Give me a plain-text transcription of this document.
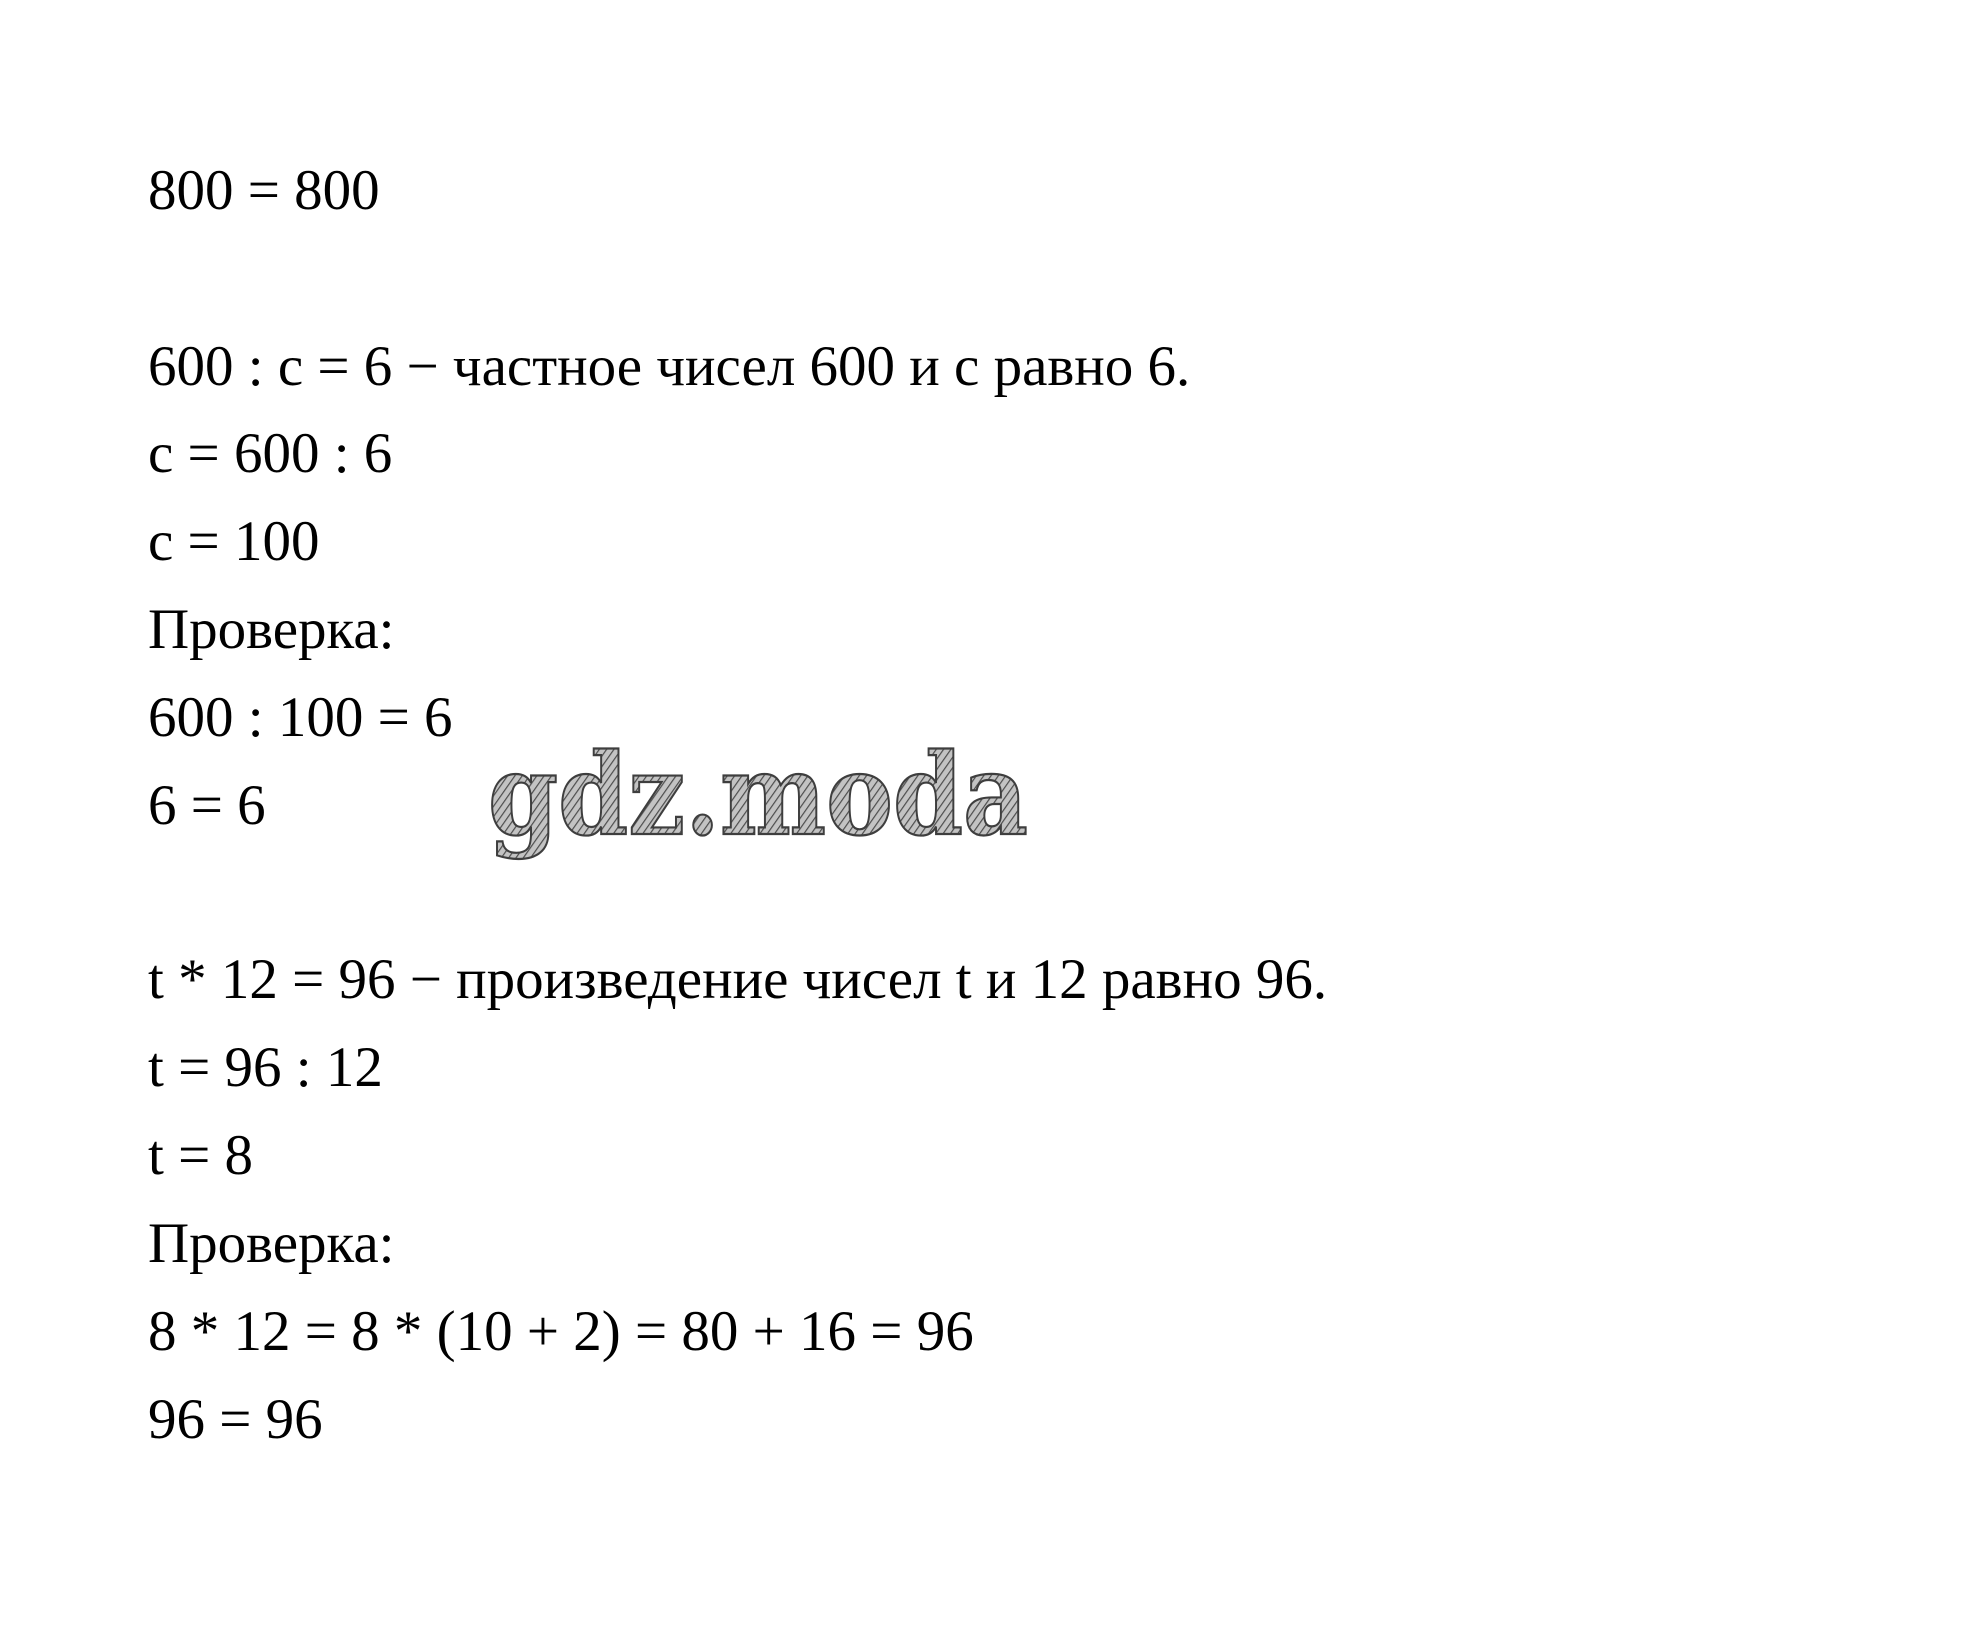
800 = 800

600 : c = 6 − частное чисел 600 и c равно 6.

c = 600 : 6

c = 100

Проверка:

600 : 100 = 6

6 = 6

t * 12 = 96 − произведение чисел t и 12 равно 96.

t = 96 : 12

t = 8

Проверка:

8 * 12 = 8 * (10 + 2) = 80 + 16 = 96

96 = 96

gdz.moda
